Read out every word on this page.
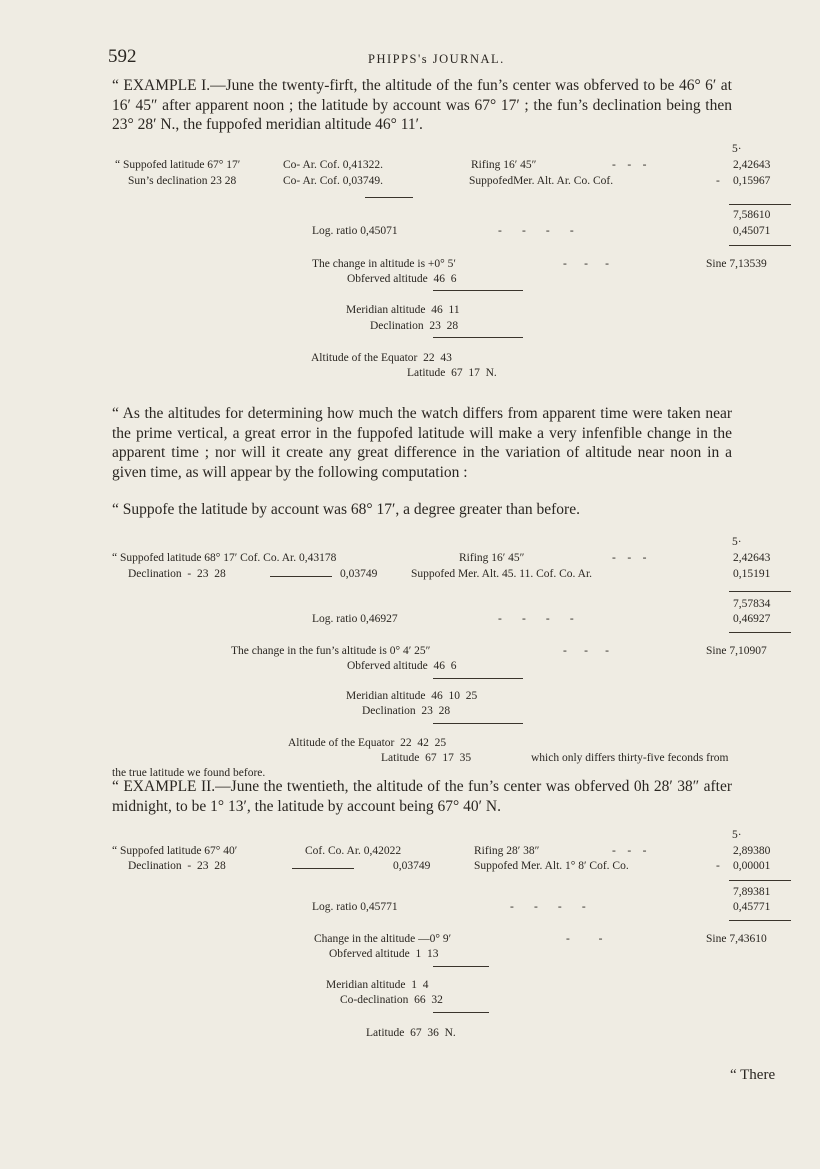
592	PHIPPS's JOURNAL.

“ EXAMPLE I.—June the twenty-firft, the altitude of the fun’s center was obferved to be 46° 6′ at 16′ 45″ after apparent noon ; the latitude by account was 67° 17′ ; the fun’s declination being then 23° 28′ N., the fuppofed meridian altitude 46° 11′.

5·
“ Suppofed latitude 67° 17′	Co- Ar. Cof. 0,41322.	Rifing 16′ 45″	-    -    -	2,42643
Sun’s declination 23 28	Co- Ar. Cof. 0,03749.	SuppofedMer. Alt. Ar. Co. Cof.	- 0,15967
7,58610
Log. ratio 0,45071	-       -       -       -	0,45071
The change in altitude is +0° 5′	-      -      -	Sine 7,13539
Obferved altitude  46  6
Meridian altitude  46  11
Declination  23  28
Altitude of the Equator  22  43
Latitude  67  17  N.

“ As the altitudes for determining how much the watch differs from apparent time were taken near the prime vertical, a great error in the fuppofed latitude will make a very infenfible change in the apparent time ; nor will it create any great difference in the variation of altitude near noon in a given time, as will appear by the following computation :

“ Suppofe the latitude by account was 68° 17′, a degree greater than before.

5·
“ Suppofed latitude 68° 17′ Cof. Co. Ar. 0,43178	Rifing 16′ 45″	-    -    -	2,42643
Declination  -  23  28	0,03749	Suppofed Mer. Alt. 45. 11. Cof. Co. Ar.	0,15191
7,57834
Log. ratio 0,46927	-       -       -       -	0,46927
The change in the fun’s altitude is 0° 4′ 25″	-      -      -	Sine 7,10907
Obferved altitude  46  6
Meridian altitude  46  10  25
Declination  23  28
Altitude of the Equator  22  42  25
Latitude  67  17  35	which only differs thirty-five feconds from
the true latitude we found before.

“ EXAMPLE II.—June the twentieth, the altitude of the fun’s center was obferved 0h 28′ 38″ after midnight, to be 1° 13′, the latitude by account being 67° 40′ N.

5·
“ Suppofed latitude 67° 40′	Cof. Co. Ar. 0,42022	Rifing 28′ 38″	-    -    -	2,89380
Declination  -  23  28	0,03749	Suppofed Mer. Alt. 1° 8′ Cof. Co.	- 0,00001
7,89381
Log. ratio 0,45771	-       -       -       -	0,45771
Change in the altitude —0° 9′	-          -	Sine 7,43610
Obferved altitude  1  13
Meridian altitude  1  4
Co-declination  66  32
Latitude  67  36  N.
“ There
